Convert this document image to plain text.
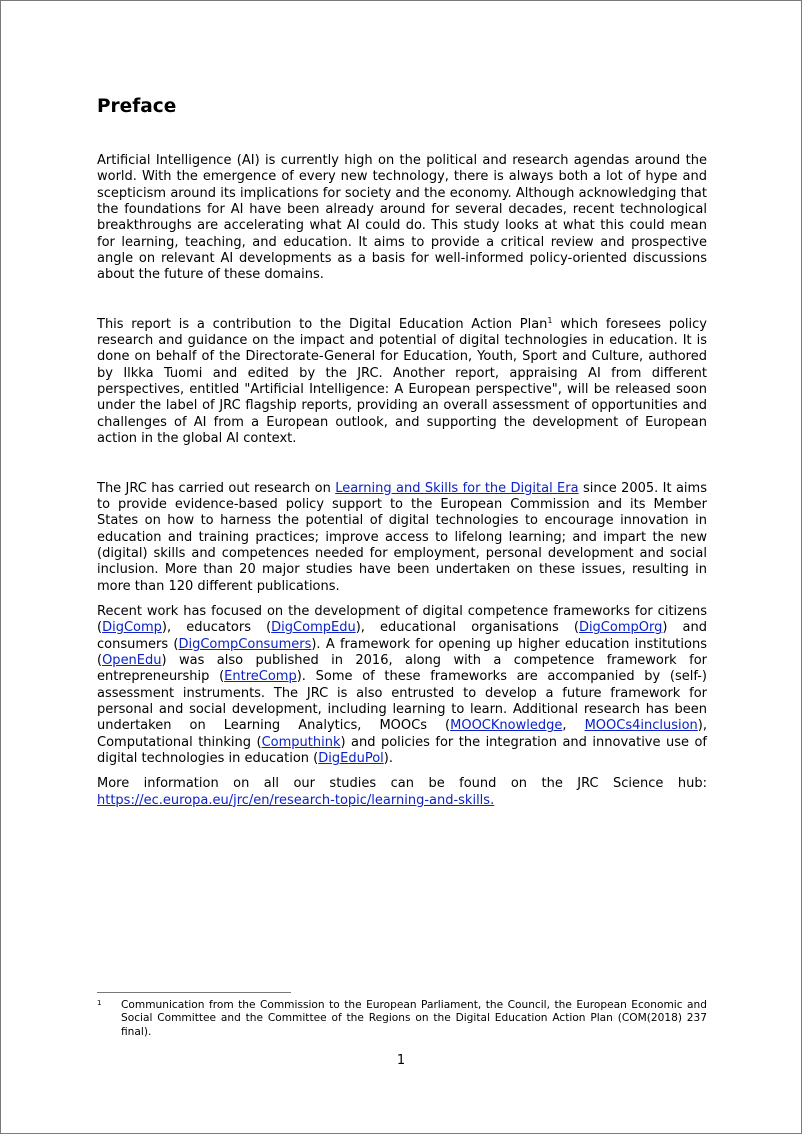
Preface

Artificial Intelligence (AI) is currently high on the political and research agendas around the world. With the emergence of every new technology, there is always both a lot of hype and scepticism around its implications for society and the economy. Although acknowledging that the foundations for AI have been already around for several decades, recent technological breakthroughs are accelerating what AI could do. This study looks at what this could mean for learning, teaching, and education. It aims to provide a critical review and prospective angle on relevant AI developments as a basis for well-informed policy-oriented discussions about the future of these domains.

This report is a contribution to the Digital Education Action Plan$^1$ which foresees policy research and guidance on the impact and potential of digital technologies in education. It is done on behalf of the Directorate-General for Education, Youth, Sport and Culture, authored by Ilkka Tuomi and edited by the JRC. Another report, appraising AI from different perspectives, entitled "Artificial Intelligence: A European perspective", will be released soon under the label of JRC flagship reports, providing an overall assessment of opportunities and challenges of AI from a European outlook, and supporting the development of European action in the global AI context.

The JRC has carried out research on Learning and Skills for the Digital Era since 2005. It aims to provide evidence-based policy support to the European Commission and its Member States on how to harness the potential of digital technologies to encourage innovation in education and training practices; improve access to lifelong learning; and impart the new (digital) skills and competences needed for employment, personal development and social inclusion. More than 20 major studies have been undertaken on these issues, resulting in more than 120 different publications.

Recent work has focused on the development of digital competence frameworks for citizens (DigComp), educators (DigCompEdu), educational organisations (DigCompOrg) and consumers (DigCompConsumers). A framework for opening up higher education institutions (OpenEdu) was also published in 2016, along with a competence framework for entrepreneurship (EntreComp). Some of these frameworks are accompanied by (self-) assessment instruments. The JRC is also entrusted to develop a future framework for personal and social development, including learning to learn. Additional research has been undertaken on Learning Analytics, MOOCs (MOOCKnowledge, MOOCs4inclusion), Computational thinking (Computhink) and policies for the integration and innovative use of digital technologies in education (DigEduPol).

More information on all our studies can be found on the JRC Science hub: https://ec.europa.eu/jrc/en/research-topic/learning-and-skills.

1 Communication from the Commission to the European Parliament, the Council, the European Economic and Social Committee and the Committee of the Regions on the Digital Education Action Plan (COM(2018) 237 final).
1
